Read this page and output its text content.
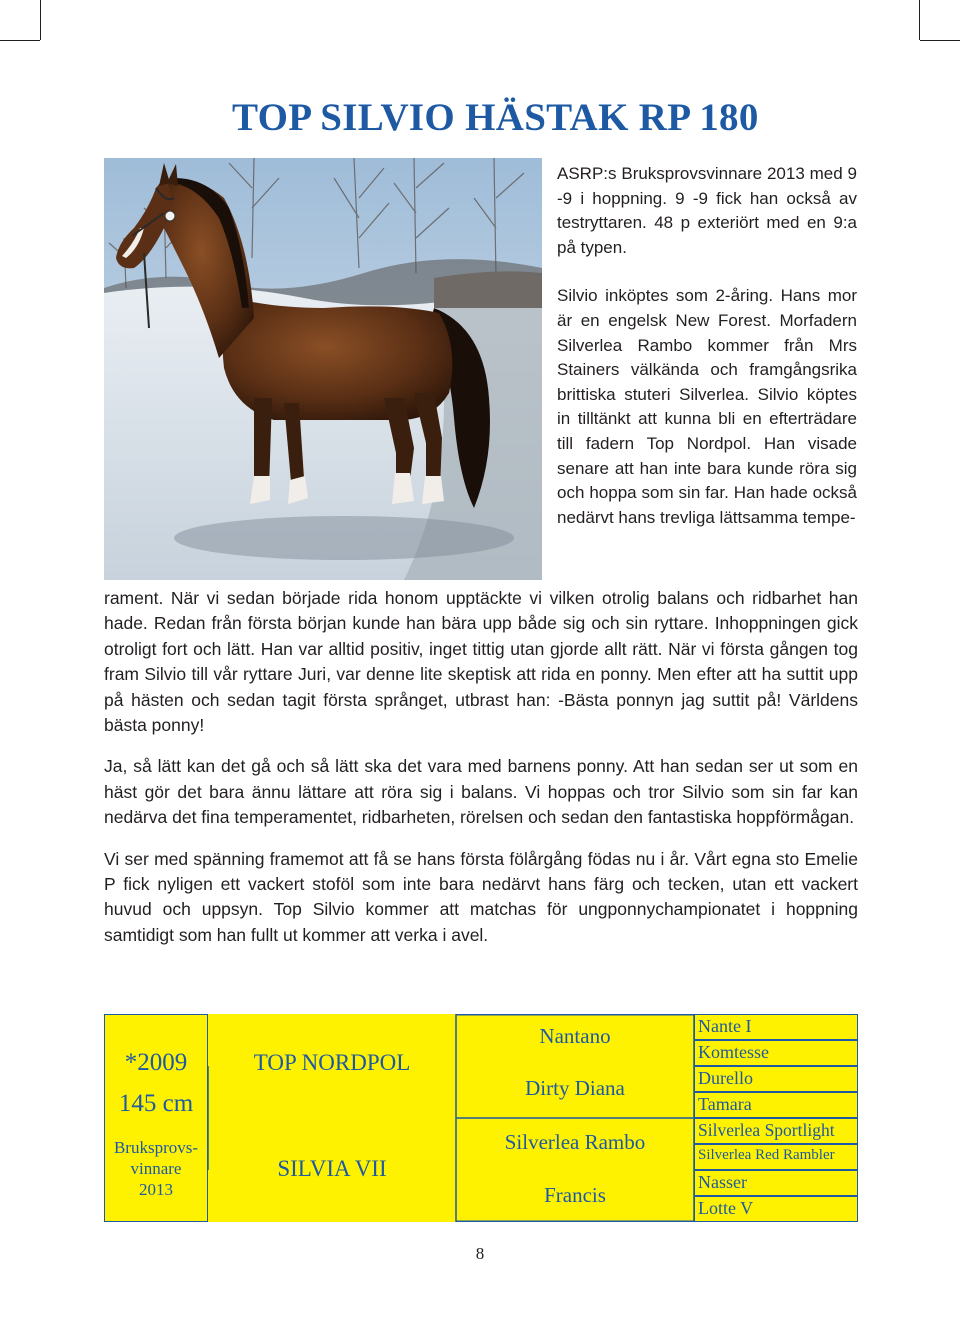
TOP SILVIO HÄSTAK RP 180

ASRP:s Bruksprovsvinnare 2013 med 9 -9 i hoppning. 9 -9 fick han också av testryttaren. 48 p exteriört med en 9:a på typen.

Silvio inköptes som 2-åring. Hans mor är en engelsk New Forest. Morfadern Silverlea Rambo kommer från Mrs Stainers välkända och framgångsrika brittiska stuteri Silverlea. Silvio köptes in tilltänkt att kunna bli en efterträdare till fadern Top Nordpol. Han visade senare att han inte bara kunde röra sig och hoppa som sin far. Han hade också nedärvt hans trevliga lättsamma tempe-

rament. När vi sedan började rida honom upptäckte vi vilken otrolig balans och ridbarhet han hade. Redan från första början kunde han bära upp både sig och sin ryttare. Inhoppningen gick otroligt fort och lätt. Han var alltid positiv, inget tittig utan gjorde allt rätt. När vi första gången tog fram Silvio till vår ryttare Juri, var denne lite skeptisk att rida en ponny. Men efter att ha suttit upp på hästen och sedan tagit första språnget, utbrast han: -Bästa ponnyn jag suttit på! Världens bästa ponny!

Ja, så lätt kan det gå och så lätt ska det vara med barnens ponny. Att han sedan ser ut som en häst gör det bara ännu lättare att röra sig i balans. Vi hoppas och tror Silvio som sin far kan nedärva det fina temperamentet, ridbarheten, rörelsen och sedan den fantastiska hoppförmågan.

Vi ser med spänning framemot att få se hans första fölårgång födas nu i år. Vårt egna sto Emelie P fick nyligen ett vackert stoföl som inte bara nedärvt hans färg och tecken, utan ett vackert huvud och uppsyn. Top Silvio kommer att matchas för ungponnychampionatet i hoppning samtidigt som han fullt ut kommer att verka i avel.

*2009
145 cm
Bruksprovs-
vinnare
2013
TOP NORDPOL
SILVIA VII
Nantano
Dirty Diana
Silverlea Rambo
Francis
Nante I
Komtesse
Durello
Tamara
Silverlea Sportlight
Silverlea Red Rambler
Nasser
Lotte V
8
